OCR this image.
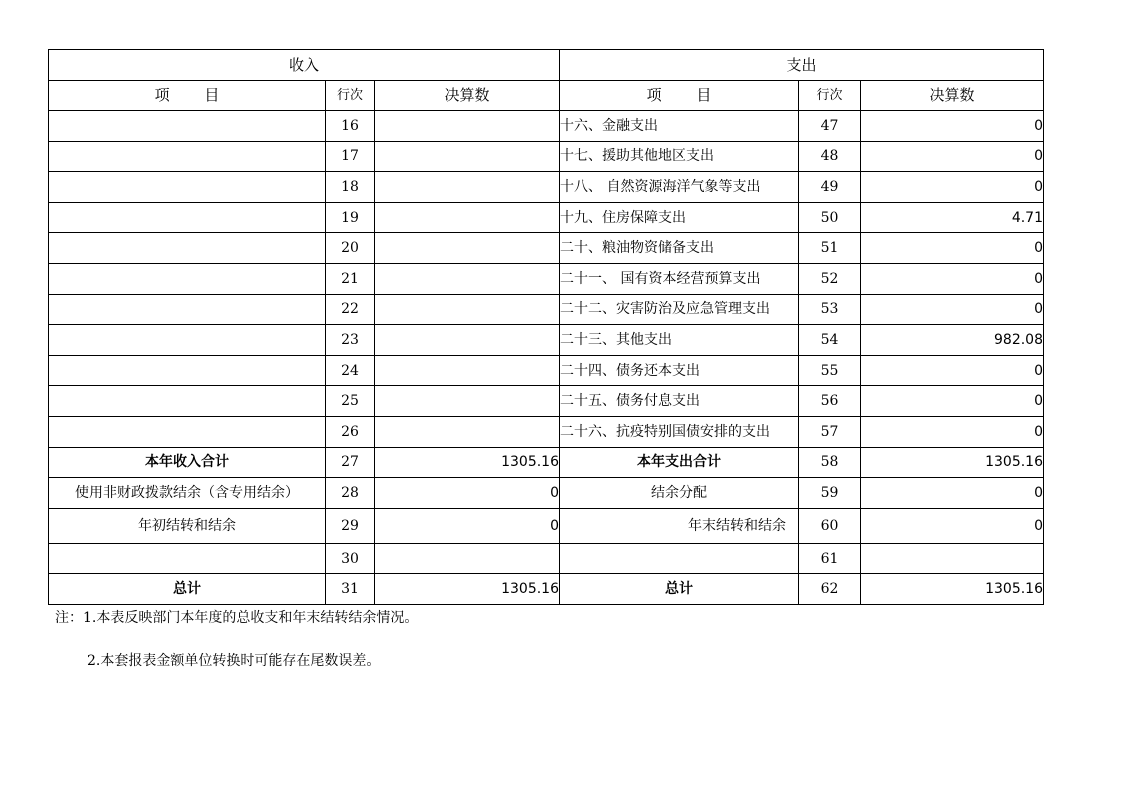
收入			支出		
项 目	行次	决算数	项 目	行次	决算数
	16		十六、金融支出	47	0
	17		十七、援助其他地区支出	48	0
	18		十八、 自然资源海洋气象等支出	49	0
	19		十九、住房保障支出	50	4.71
	20		二十、粮油物资储备支出	51	0
	21		二十一、 国有资本经营预算支出	52	0
	22		二十二、灾害防治及应急管理支出	53	0
	23		二十三、其他支出	54	982.08
	24		二十四、债务还本支出	55	0
	25		二十五、债务付息支出	56	0
	26		二十六、抗疫特别国债安排的支出	57	0
本年收入合计	27	1305.16	本年支出合计	58	1305.16
使用非财政拨款结余（含专用结余）	28	0	结余分配	59	0
年初结转和结余	29	0	年末结转和结余	60	0
	30			61	
总计	31	1305.16	总计	62	1305.16
注：1.本表反映部门本年度的总收支和年末结转结余情况。
2.本套报表金额单位转换时可能存在尾数误差。
